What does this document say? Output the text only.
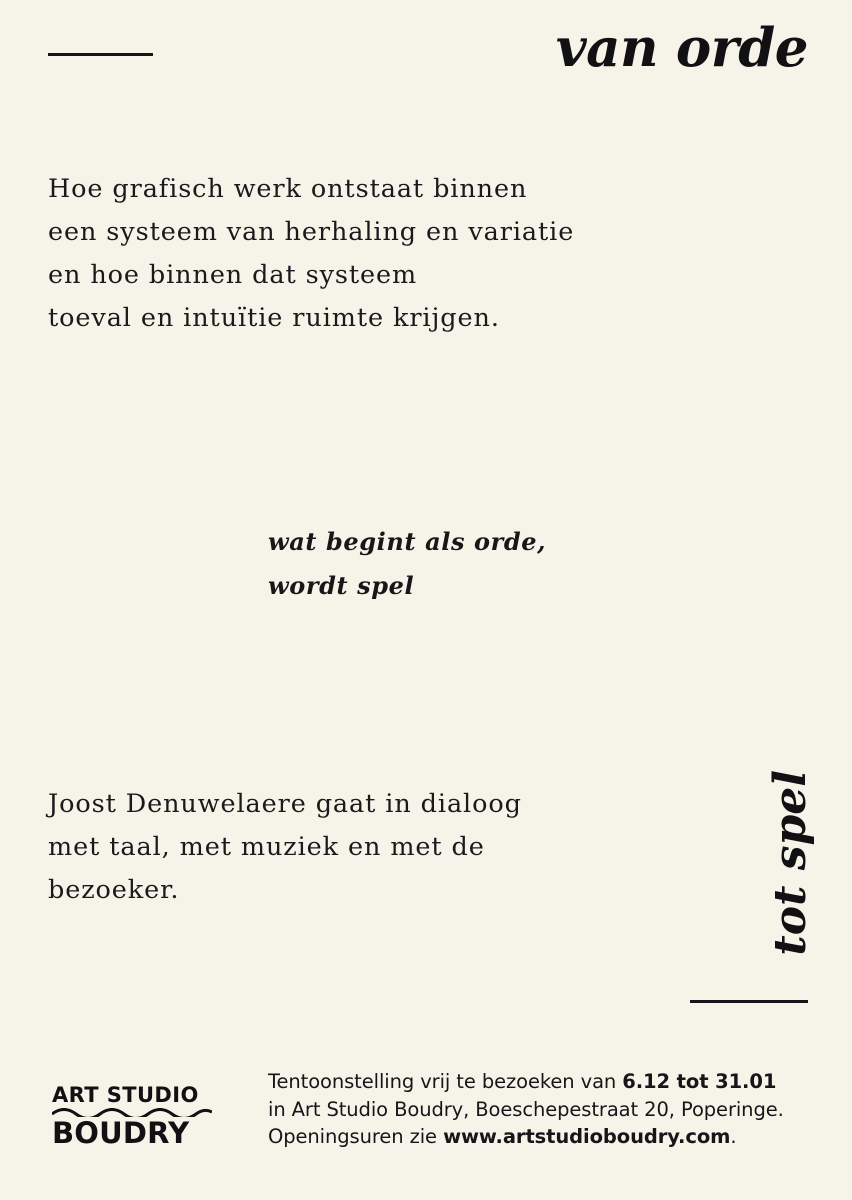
van orde
Hoe grafisch werk ontstaat binnen
een systeem van herhaling en variatie
en hoe binnen dat systeem
toeval en intuïtie ruimte krijgen.
wat begint als orde,
wordt spel
Joost Denuwelaere gaat in dialoog
met taal, met muziek en met de
bezoeker.	tot spel
ART STUDIO
BOUDRY
Tentoonstelling vrij te bezoeken van 6.12 tot 31.01
in Art Studio Boudry, Boeschepestraat 20, Poperinge.
Openingsuren zie www.artstudioboudry.com.
